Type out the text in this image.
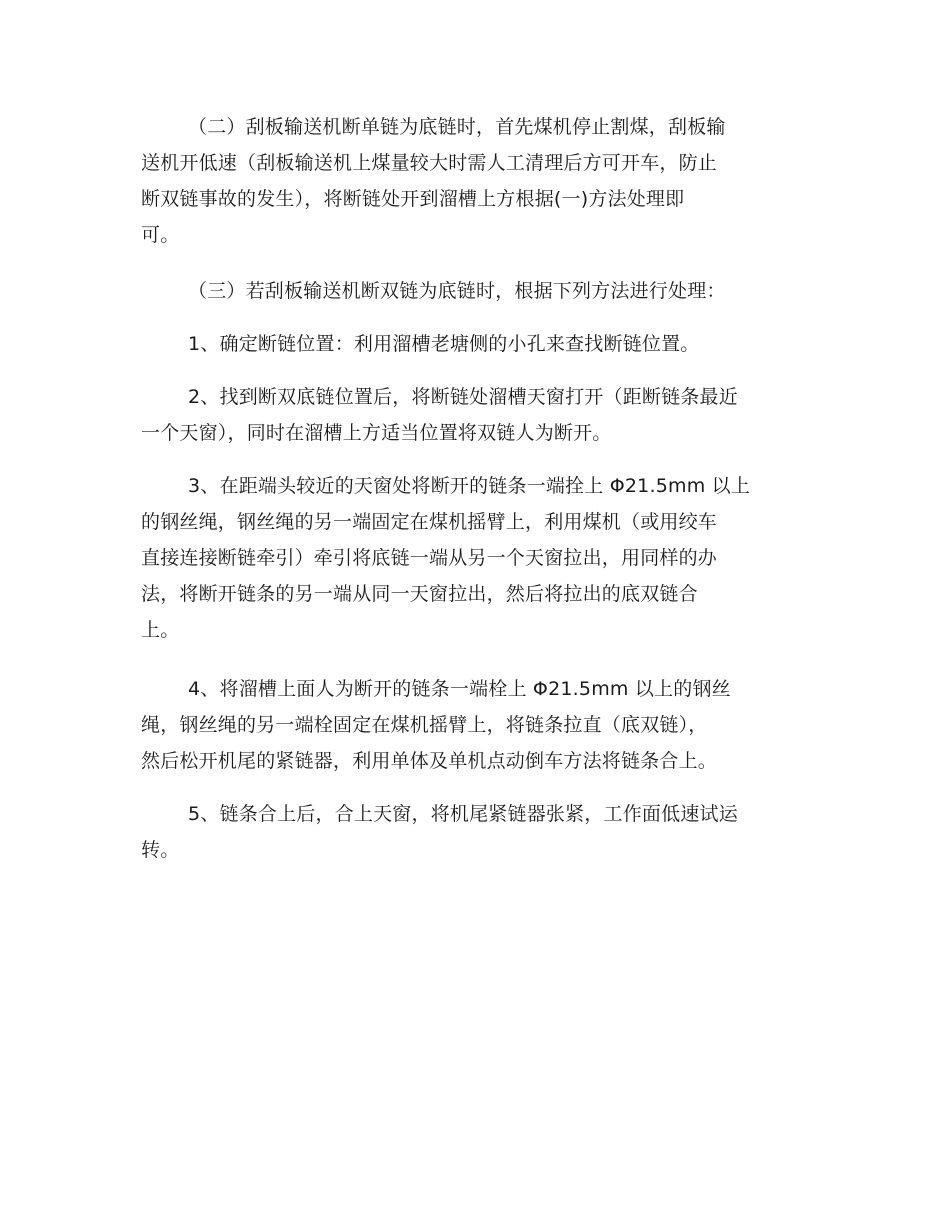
（二）刮板输送机断单链为底链时，首先煤机停止割煤，刮板输
送机开低速（刮板输送机上煤量较大时需人工清理后方可开车，防止
断双链事故的发生），将断链处开到溜槽上方根据(一)方法处理即
可。
（三）若刮板输送机断双链为底链时，根据下列方法进行处理：
1、确定断链位置：利用溜槽老塘侧的小孔来查找断链位置。
2、找到断双底链位置后，将断链处溜槽天窗打开（距断链条最近
一个天窗），同时在溜槽上方适当位置将双链人为断开。
3、在距端头较近的天窗处将断开的链条一端拴上 Φ21.5mm 以上
的钢丝绳，钢丝绳的另一端固定在煤机摇臂上，利用煤机（或用绞车
直接连接断链牵引）牵引将底链一端从另一个天窗拉出，用同样的办
法，将断开链条的另一端从同一天窗拉出，然后将拉出的底双链合
上。
4、将溜槽上面人为断开的链条一端栓上 Φ21.5mm 以上的钢丝
绳，钢丝绳的另一端栓固定在煤机摇臂上，将链条拉直（底双链），
然后松开机尾的紧链器，利用单体及单机点动倒车方法将链条合上。
5、链条合上后，合上天窗，将机尾紧链器张紧，工作面低速试运
转。
